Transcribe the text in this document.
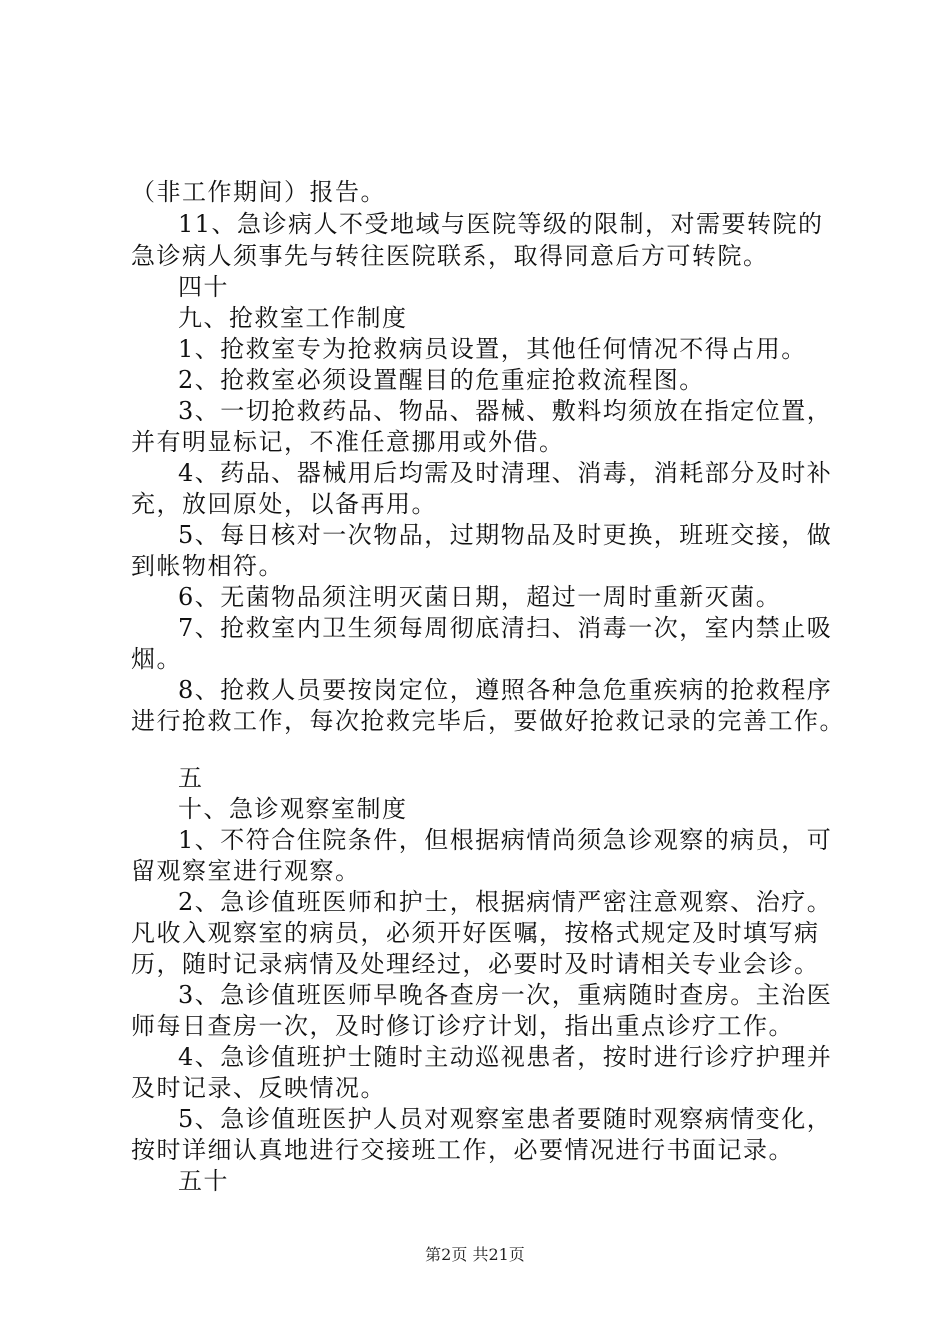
（非工作期间）报告。
11、急诊病人不受地域与医院等级的限制，对需要转院的
急诊病人须事先与转往医院联系，取得同意后方可转院。
四十
九、抢救室工作制度
1、抢救室专为抢救病员设置，其他任何情况不得占用。
2、抢救室必须设置醒目的危重症抢救流程图。
3、一切抢救药品、物品、器械、敷料均须放在指定位置，
并有明显标记，不准任意挪用或外借。
4、药品、器械用后均需及时清理、消毒，消耗部分及时补
充，放回原处，以备再用。
5、每日核对一次物品，过期物品及时更换，班班交接，做
到帐物相符。
6、无菌物品须注明灭菌日期，超过一周时重新灭菌。
7、抢救室内卫生须每周彻底清扫、消毒一次，室内禁止吸
烟。
8、抢救人员要按岗定位，遵照各种急危重疾病的抢救程序
进行抢救工作，每次抢救完毕后，要做好抢救记录的完善工作。
五
十、急诊观察室制度
1、不符合住院条件，但根据病情尚须急诊观察的病员，可
留观察室进行观察。
2、急诊值班医师和护士，根据病情严密注意观察、治疗。
凡收入观察室的病员，必须开好医嘱，按格式规定及时填写病
历，随时记录病情及处理经过，必要时及时请相关专业会诊。
3、急诊值班医师早晚各查房一次，重病随时查房。主治医
师每日查房一次，及时修订诊疗计划，指出重点诊疗工作。
4、急诊值班护士随时主动巡视患者，按时进行诊疗护理并
及时记录、反映情况。
5、急诊值班医护人员对观察室患者要随时观察病情变化，
按时详细认真地进行交接班工作，必要情况进行书面记录。
五十
第2页 共21页
